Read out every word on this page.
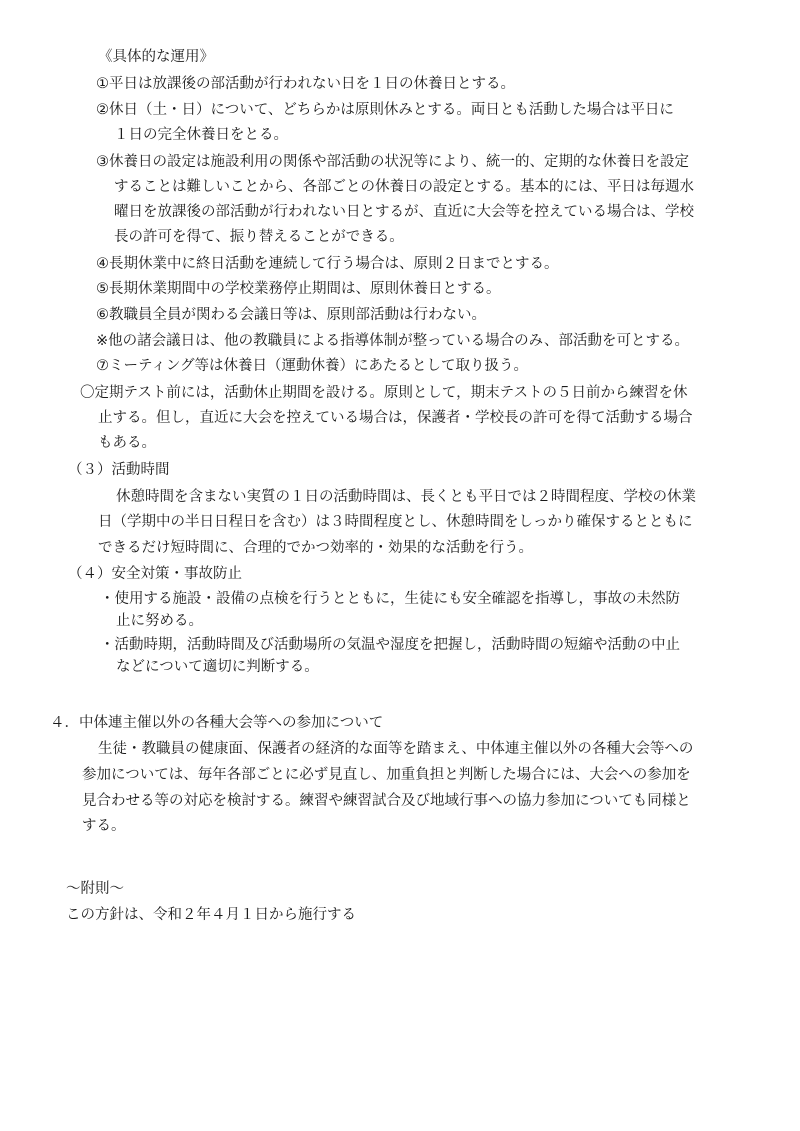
《具体的な運用》

①平日は放課後の部活動が行われない日を１日の休養日とする。

②休日（土・日）について、どちらかは原則休みとする。両日とも活動した場合は平日に

１日の完全休養日をとる。

③休養日の設定は施設利用の関係や部活動の状況等により、統一的、定期的な休養日を設定

することは難しいことから、各部ごとの休養日の設定とする。基本的には、平日は毎週水

曜日を放課後の部活動が行われない日とするが、直近に大会等を控えている場合は、学校

長の許可を得て、振り替えることができる。

④長期休業中に終日活動を連続して行う場合は、原則２日までとする。

⑤長期休業期間中の学校業務停止期間は、原則休養日とする。

⑥教職員全員が関わる会議日等は、原則部活動は行わない。

※他の諸会議日は、他の教職員による指導体制が整っている場合のみ、部活動を可とする。

⑦ミーティング等は休養日（運動休養）にあたるとして取り扱う。

〇定期テスト前には，活動休止期間を設ける。原則として，期末テストの５日前から練習を休

止する。但し，直近に大会を控えている場合は，保護者・学校長の許可を得て活動する場合

もある。

（３）活動時間

休憩時間を含まない実質の１日の活動時間は、長くとも平日では２時間程度、学校の休業

日（学期中の半日日程日を含む）は３時間程度とし、休憩時間をしっかり確保するとともに

できるだけ短時間に、合理的でかつ効率的・効果的な活動を行う。

（４）安全対策・事故防止

・使用する施設・設備の点検を行うとともに，生徒にも安全確認を指導し，事故の未然防

止に努める。

・活動時期，活動時間及び活動場所の気温や湿度を把握し，活動時間の短縮や活動の中止

などについて適切に判断する。

４．中体連主催以外の各種大会等への参加について

生徒・教職員の健康面、保護者の経済的な面等を踏まえ、中体連主催以外の各種大会等への

参加については、毎年各部ごとに必ず見直し、加重負担と判断した場合には、大会への参加を

見合わせる等の対応を検討する。練習や練習試合及び地域行事への協力参加についても同様と

する。

～附則～

この方針は、令和２年４月１日から施行する
